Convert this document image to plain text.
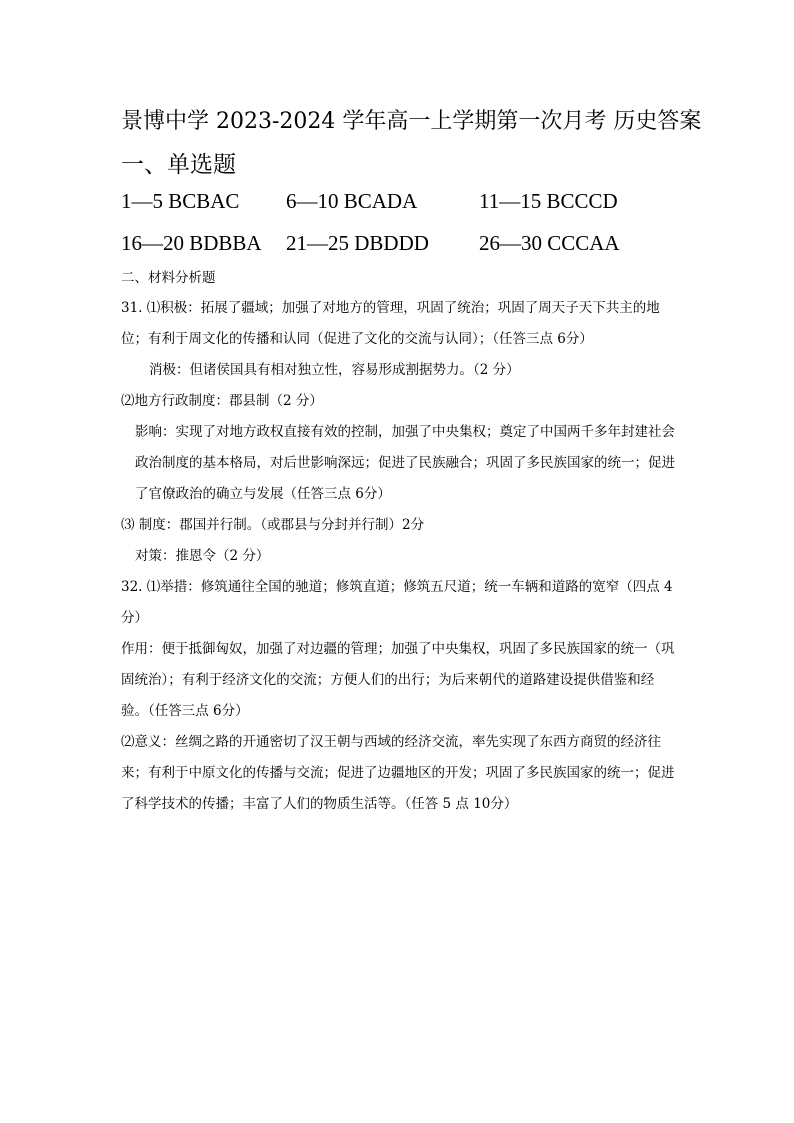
景博中学 2023-2024 学年高一上学期第一次月考 历史答案
一、单选题
1—5 BCBAC 6—10 BCADA	11—15 BCCCD
16—20 BDBBA 21—25 DBDDD 26—30 CCCAA
二、材料分析题
31. ⑴积极：拓展了疆域；加强了对地方的管理，巩固了统治；巩固了周天子天下共主的地位；有利于周文化的传播和认同（促进了文化的交流与认同）；（任答三点 6分）
消极：但诸侯国具有相对独立性，容易形成割据势力。（2 分）
⑵地方行政制度：郡县制（2 分）
影响：实现了对地方政权直接有效的控制，加强了中央集权；奠定了中国两千多年封建社会政治制度的基本格局，对后世影响深远；促进了民族融合；巩固了多民族国家的统一；促进了官僚政治的确立与发展（任答三点 6分）
⑶ 制度：郡国并行制。（或郡县与分封并行制）2分
对策：推恩令（2 分）
32. ⑴举措：修筑通往全国的驰道；修筑直道；修筑五尺道；统一车辆和道路的宽窄（四点 4分）
作用：便于抵御匈奴，加强了对边疆的管理；加强了中央集权，巩固了多民族国家的统一（巩固统治）；有利于经济文化的交流；方便人们的出行；为后来朝代的道路建设提供借鉴和经验。（任答三点 6分）
⑵意义：丝绸之路的开通密切了汉王朝与西域的经济交流，率先实现了东西方商贸的经济往来；有利于中原文化的传播与交流；促进了边疆地区的开发；巩固了多民族国家的统一；促进了科学技术的传播；丰富了人们的物质生活等。（任答 5 点 10分）
